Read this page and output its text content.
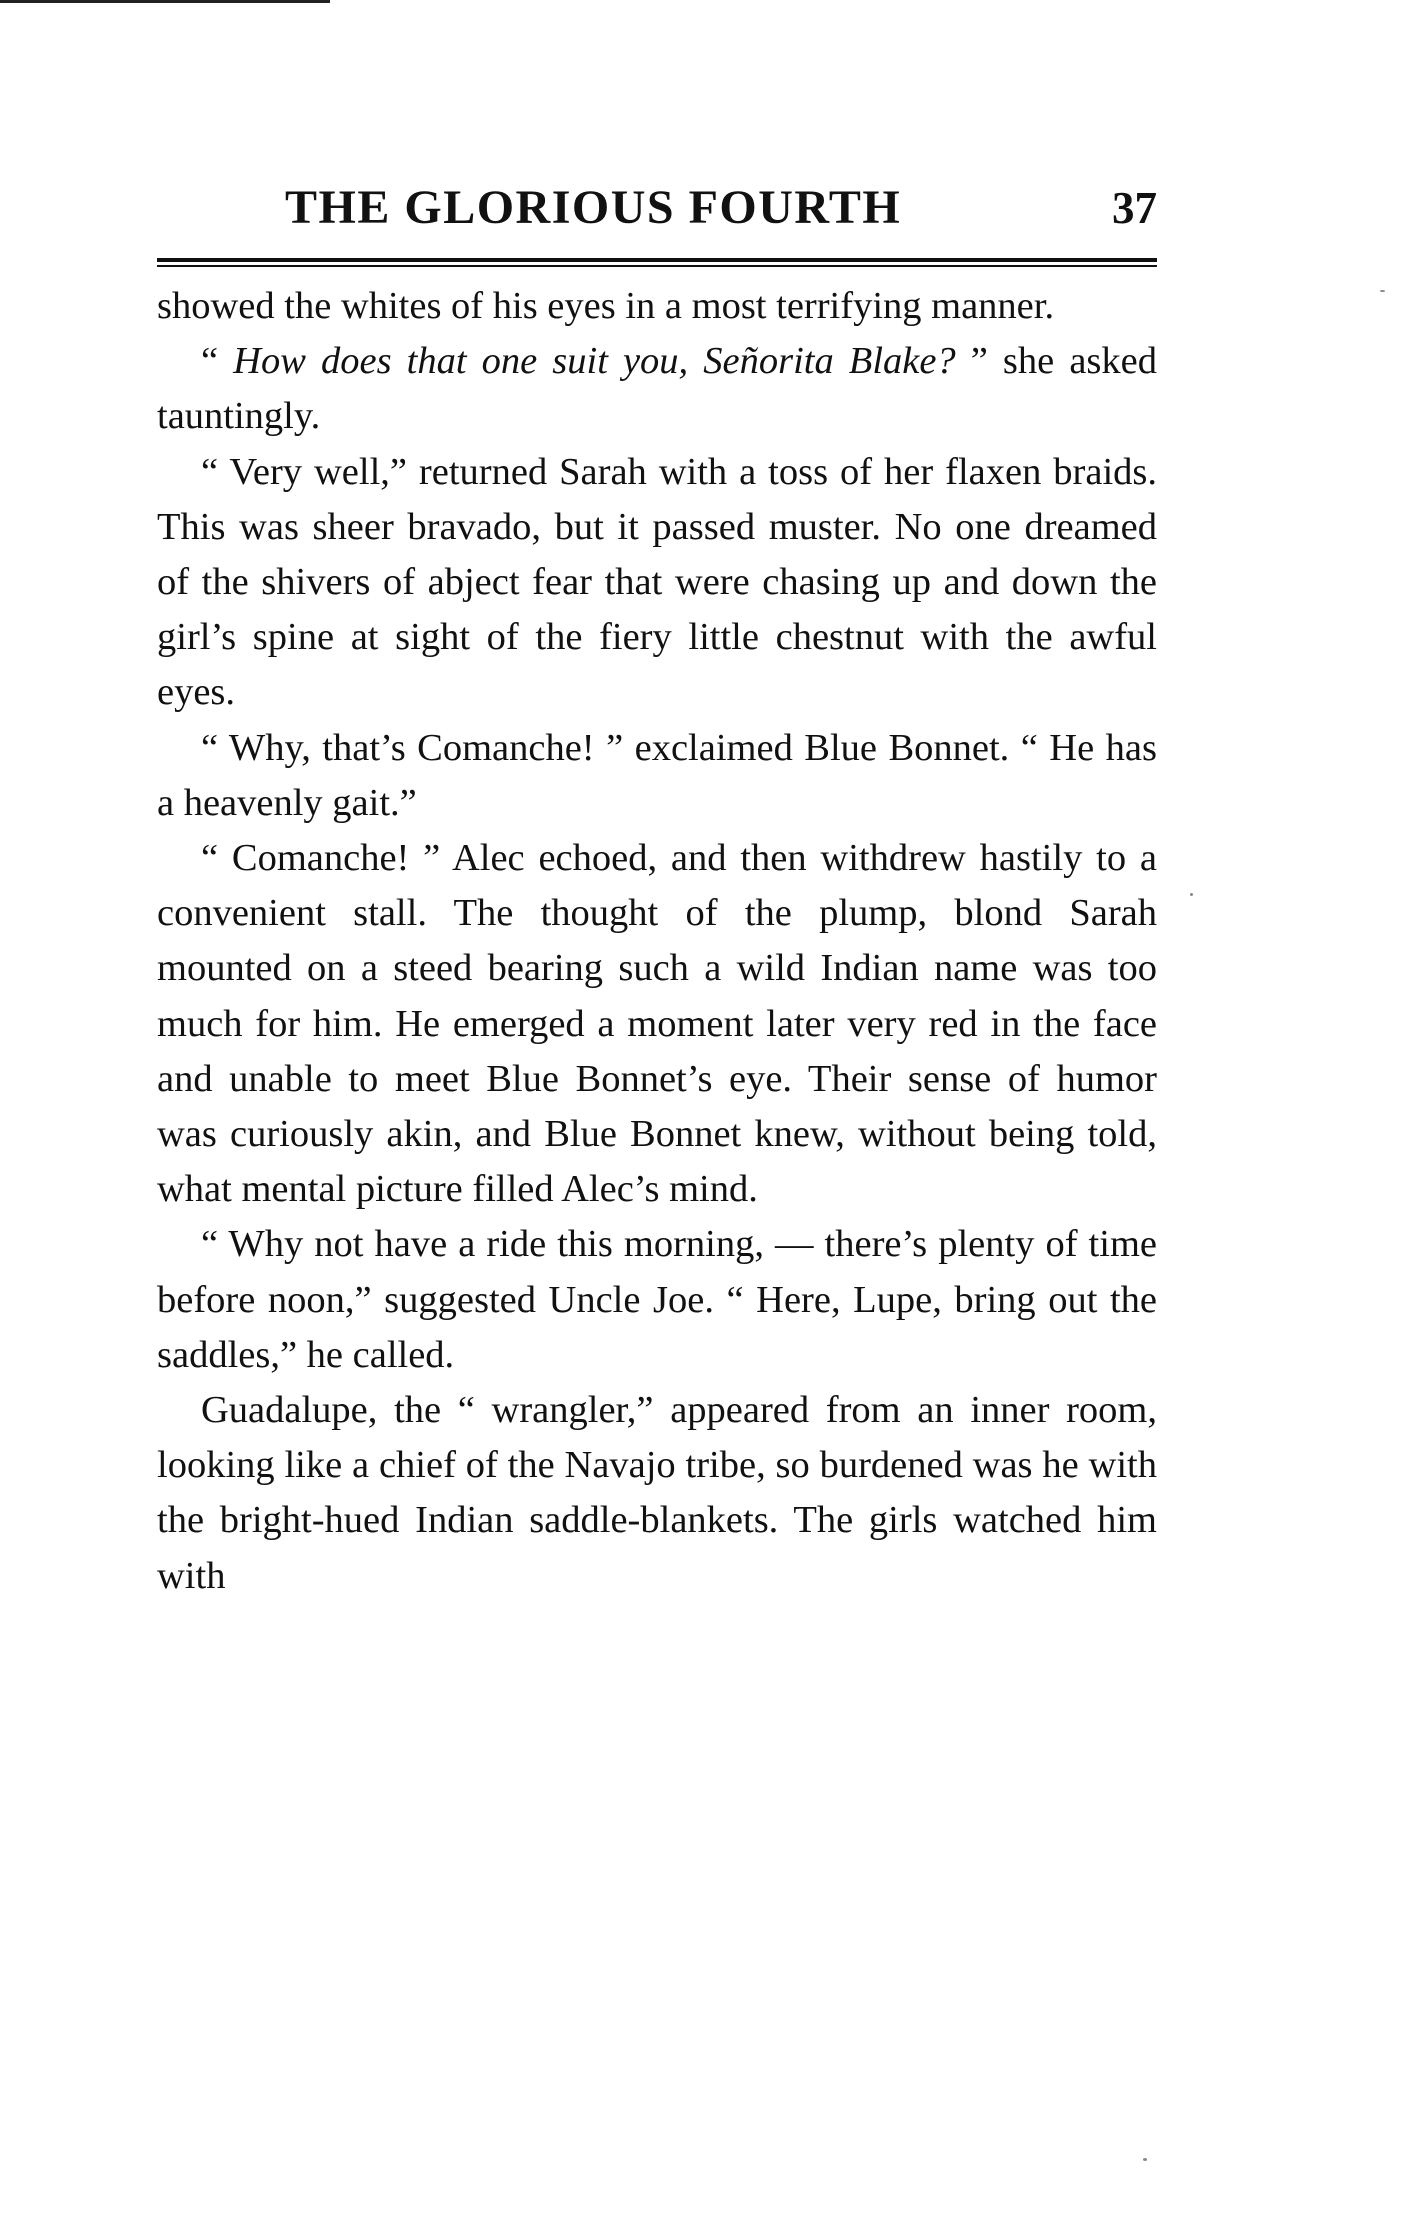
THE GLORIOUS FOURTH	37

showed the whites of his eyes in a most terrifying manner.

“ How does that one suit you, Señorita Blake? ” she asked tauntingly.

“ Very well,” returned Sarah with a toss of her flaxen braids. This was sheer bravado, but it passed muster. No one dreamed of the shivers of abject fear that were chasing up and down the girl’s spine at sight of the fiery little chestnut with the awful eyes.

“ Why, that’s Comanche! ” exclaimed Blue Bonnet. “ He has a heavenly gait.”

“ Comanche! ” Alec echoed, and then withdrew hastily to a convenient stall. The thought of the plump, blond Sarah mounted on a steed bearing such a wild Indian name was too much for him. He emerged a moment later very red in the face and unable to meet Blue Bonnet’s eye. Their sense of humor was curiously akin, and Blue Bonnet knew, without being told, what mental picture filled Alec’s mind.

“ Why not have a ride this morning, — there’s plenty of time before noon,” suggested Uncle Joe. “ Here, Lupe, bring out the saddles,” he called.

Guadalupe, the “ wrangler,” appeared from an inner room, looking like a chief of the Navajo tribe, so burdened was he with the bright-hued Indian saddle-blankets. The girls watched him with
